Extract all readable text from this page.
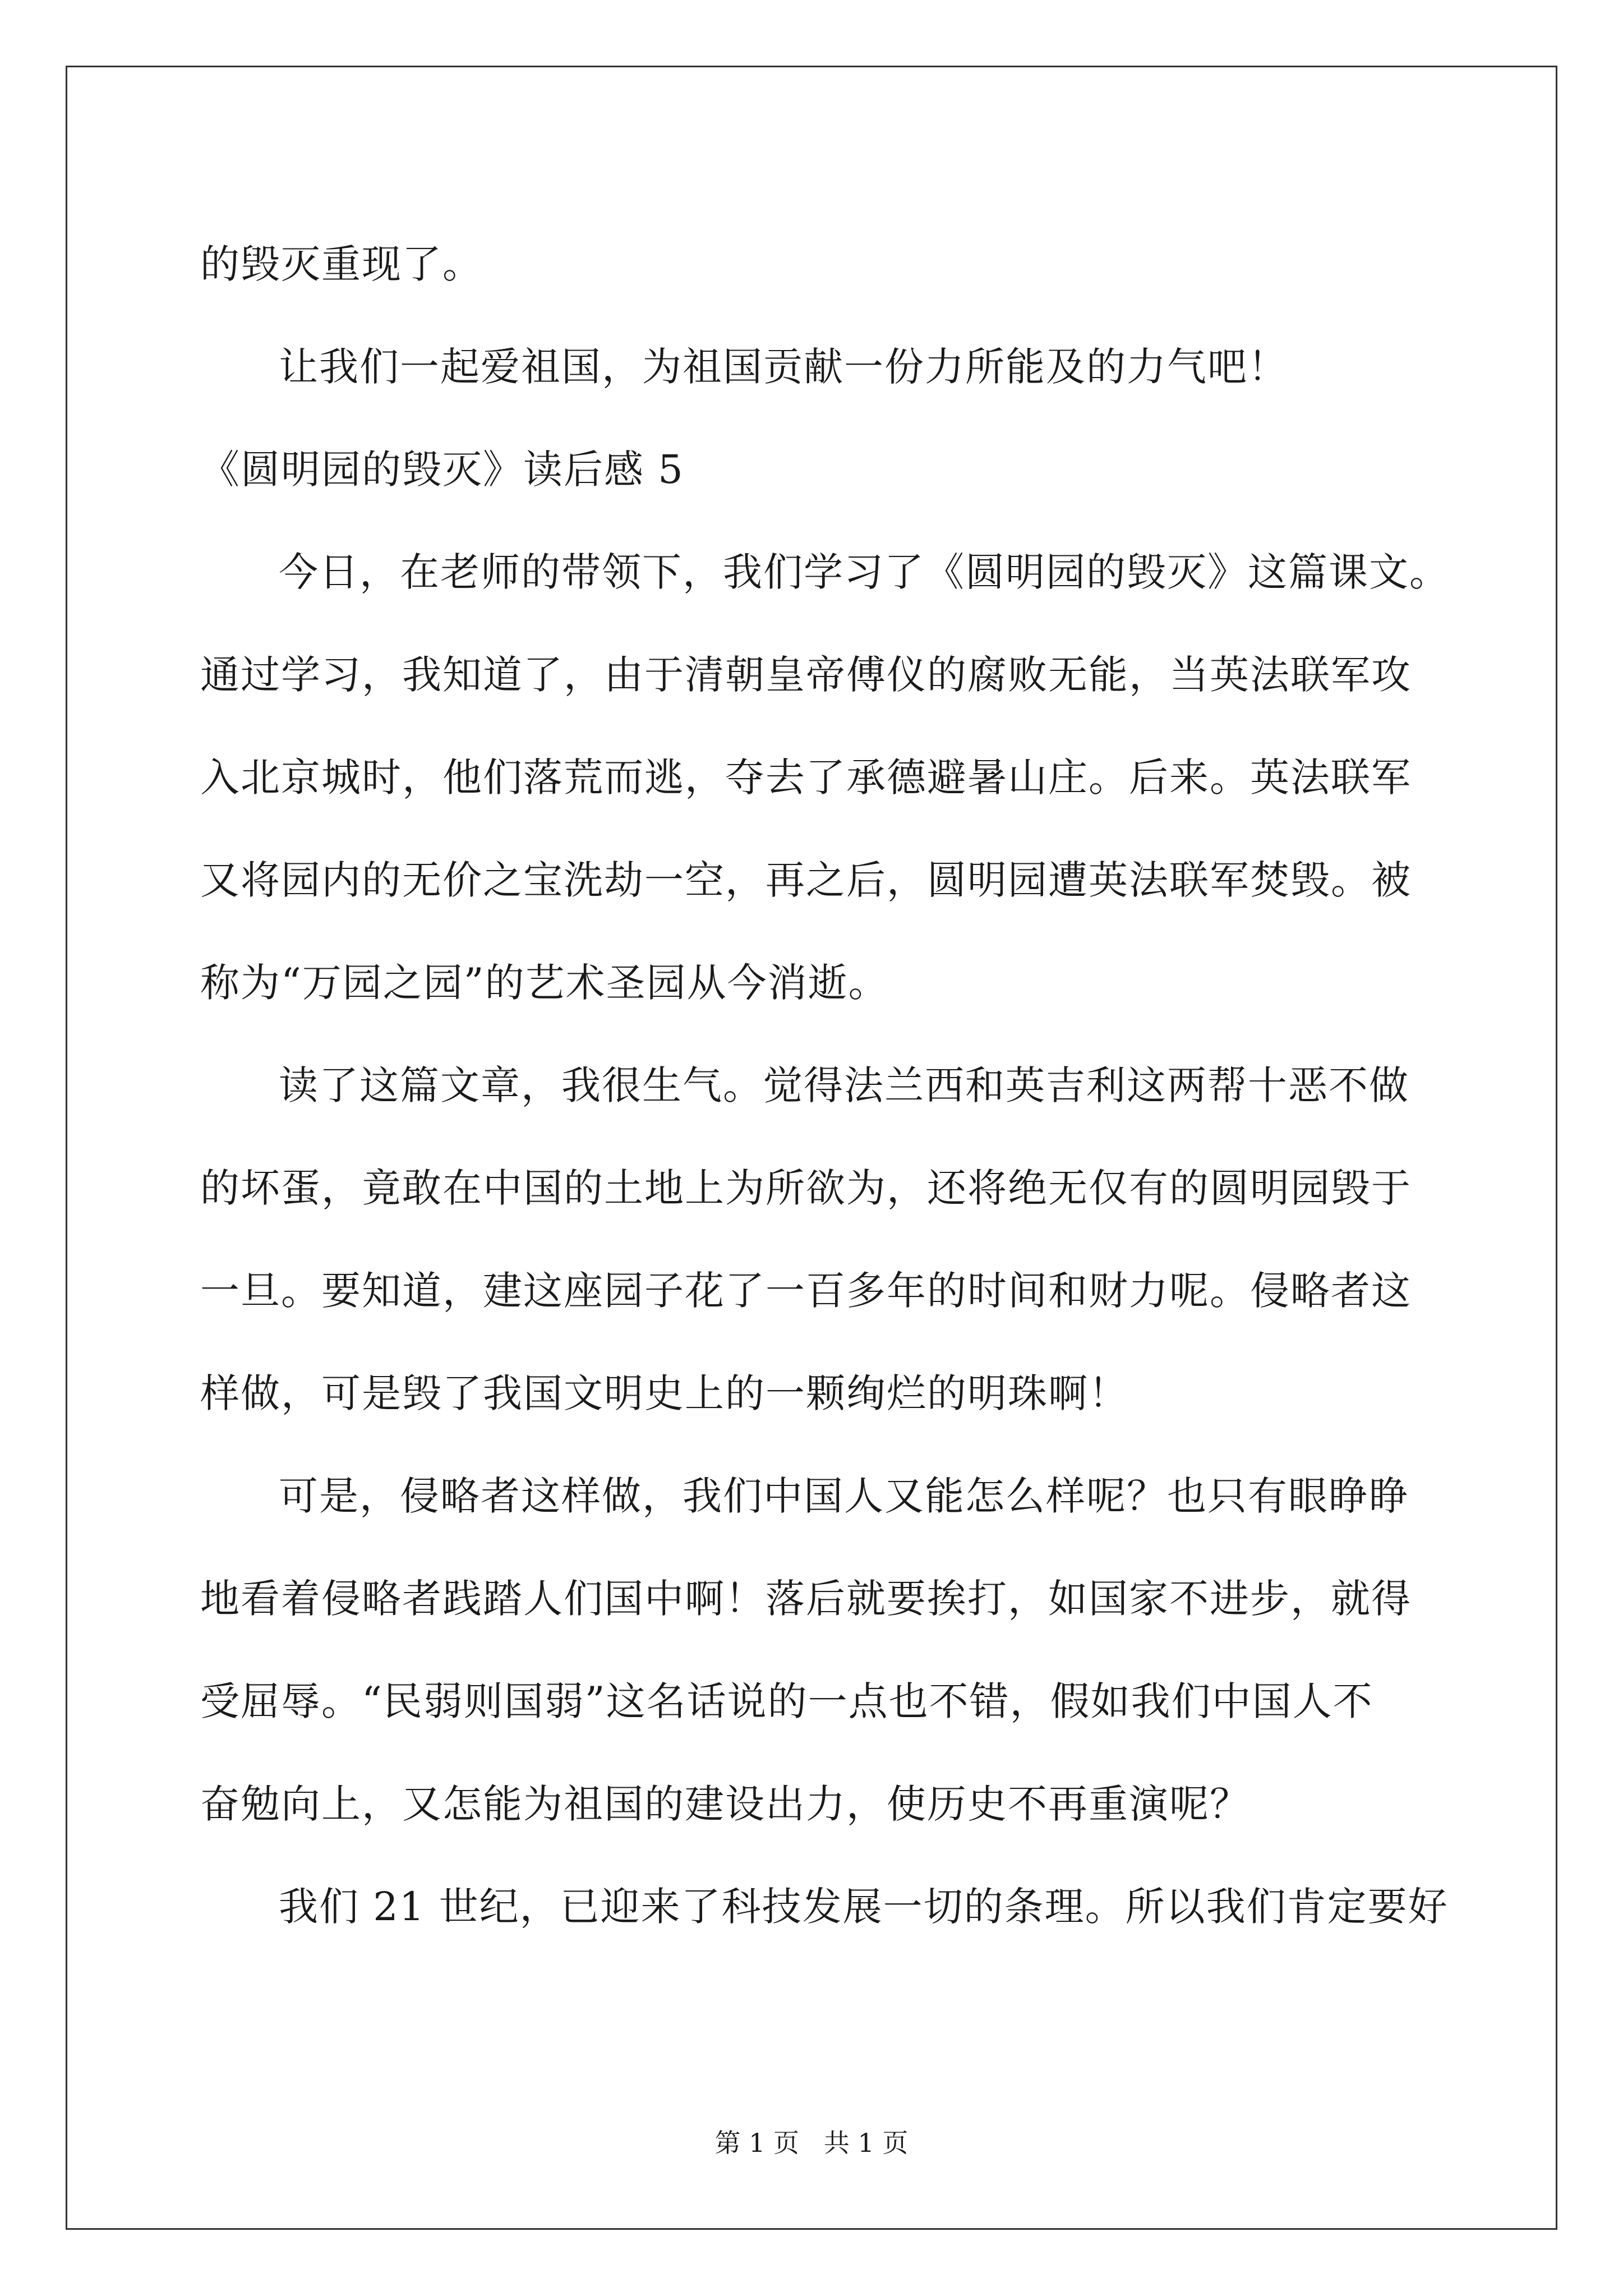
的毁灭重现了。
让我们一起爱祖国，为祖国贡献一份力所能及的力气吧！
《圆明园的毁灭》读后感 5
今日，在老师的带领下，我们学习了《圆明园的毁灭》这篇课文。
通过学习，我知道了，由于清朝皇帝傅仪的腐败无能，当英法联军攻
入北京城时，他们落荒而逃，夺去了承德避暑山庄。后来。英法联军
又将园内的无价之宝洗劫一空，再之后，圆明园遭英法联军焚毁。被
称为“万园之园”的艺术圣园从今消逝。
读了这篇文章，我很生气。觉得法兰西和英吉利这两帮十恶不做
的坏蛋，竟敢在中国的土地上为所欲为，还将绝无仅有的圆明园毁于
一旦。要知道，建这座园子花了一百多年的时间和财力呢。侵略者这
样做，可是毁了我国文明史上的一颗绚烂的明珠啊！
可是，侵略者这样做，我们中国人又能怎么样呢？也只有眼睁睁
地看着侵略者践踏人们国中啊！落后就要挨打，如国家不进步，就得
受屈辱。“民弱则国弱”这名话说的一点也不错，假如我们中国人不
奋勉向上，又怎能为祖国的建设出力，使历史不再重演呢？
我们 21 世纪，已迎来了科技发展一切的条理。所以我们肯定要好
第 1 页   共 1 页
